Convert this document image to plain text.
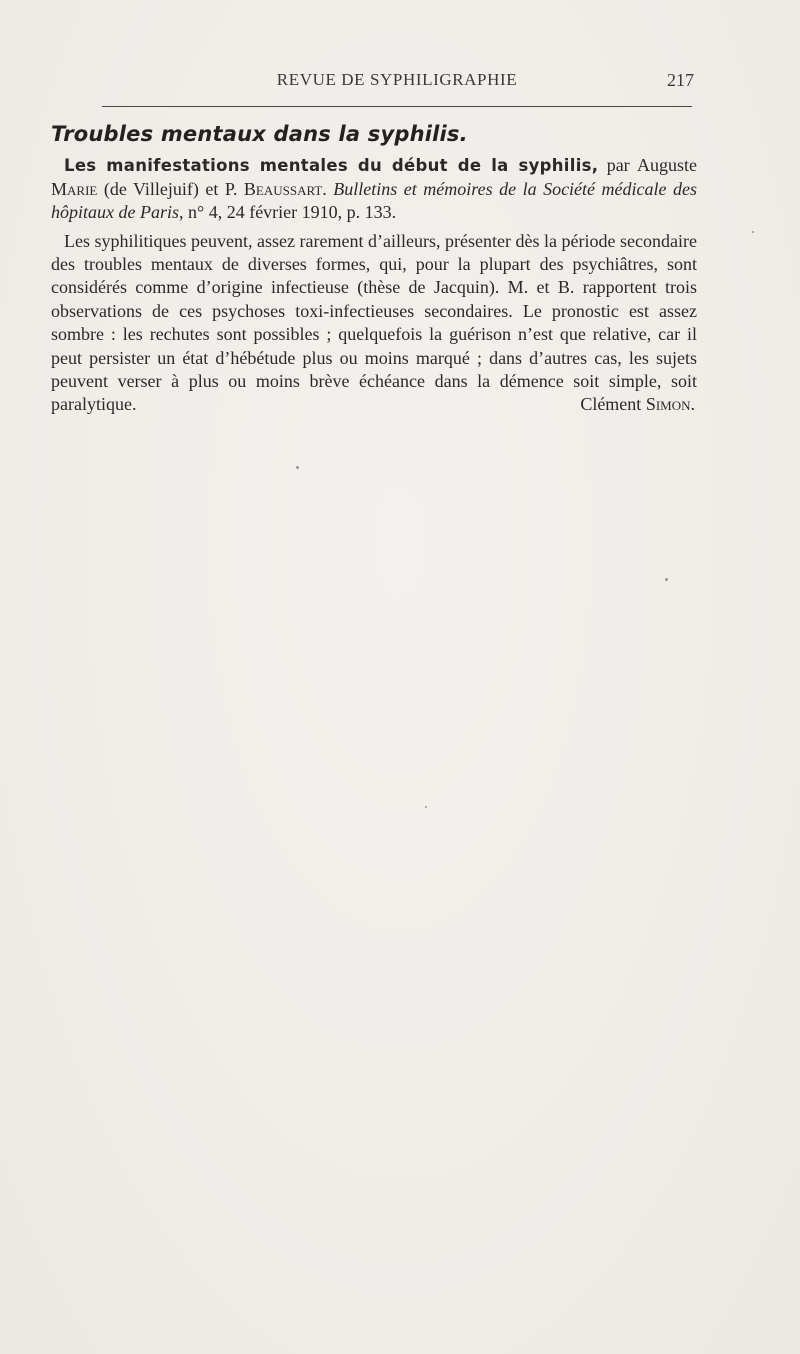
REVUE DE SYPHILIGRAPHIE	217
Troubles mentaux dans la syphilis.

Les manifestations mentales du début de la syphilis, par Auguste Marie (de Villejuif) et P. Beaussart. Bulletins et mémoires de la Société médicale des hôpitaux de Paris, n° 4, 24 février 1910, p. 133.

Les syphilitiques peuvent, assez rarement d’ailleurs, présenter dès la période secondaire des troubles mentaux de diverses formes, qui, pour la plupart des psychiâtres, sont considérés comme d’origine infectieuse (thèse de Jacquin). M. et B. rapportent trois observations de ces psychoses toxi-infectieuses secondaires. Le pronostic est assez sombre : les rechutes sont possibles ; quelquefois la guérison n’est que relative, car il peut persister un état d’hébétude plus ou moins marqué ; dans d’autres cas, les sujets peuvent verser à plus ou moins brève échéance dans la démence soit simple, soit paralytique.	Clément Simon.
